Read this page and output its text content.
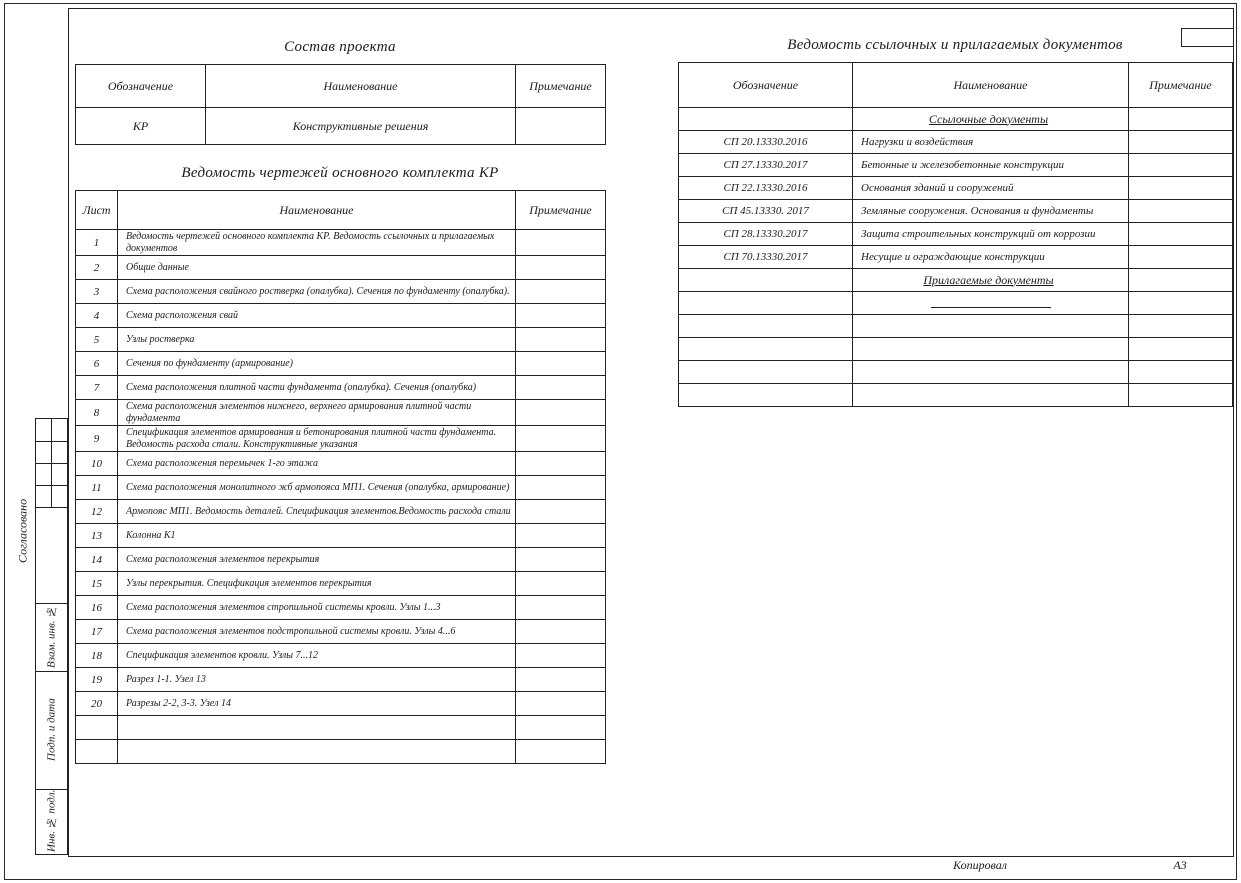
Согласовано
Взам. инв. №
Подп. и дата
Инв. № подл.
Состав проекта
Обозначение	Наименование	Примечание
КР	Конструктивные решения	
Ведомость чертежей основного комплекта КР
Лист	Наименование	Примечание
1	Ведомость чертежей основного комплекта КР. Ведомость ссылочных и прилагаемых документов	
2	Общие данные	
3	Схема расположения свайного ростверка (опалубка). Сечения по фундаменту (опалубка).	
4	Схема расположения свай	
5	Узлы ростверка	
6	Сечения по фундаменту (армирование)	
7	Схема расположения плитной части фундамента (опалубка). Сечения (опалубка)	
8	Схема расположения элементов нижнего, верхнего армирования плитной части фундамента	
9	Спецификация элементов армирования и бетонирования плитной части фундамента. Ведомость расхода стали. Конструктивные указания	
10	Схема расположения перемычек 1-го этажа	
11	Схема расположения монолитного жб армопояса МП1. Сечения (опалубка, армирование)	
12	Армопояс МП1. Ведомость деталей. Спецификация элементов.Ведомость расхода стали	
13	Колонна К1	
14	Схема расположения элементов перекрытия	
15	Узлы перекрытия. Спецификация элементов перекрытия	
16	Схема расположения элементов стропильной системы кровли. Узлы 1...3	
17	Схема расположения элементов подстропильной системы кровли. Узлы 4...6	
18	Спецификация элементов кровли. Узлы 7...12	
19	Разрез 1-1. Узел 13	
20	Разрезы 2-2, 3-3. Узел 14	

Ведомость ссылочных и прилагаемых документов
Обозначение	Наименование	Примечание
	Ссылочные документы	
СП 20.13330.2016	Нагрузки и воздействия	
СП 27.13330.2017	Бетонные и железобетонные конструкции	
СП 22.13330.2016	Основания зданий и сооружений	
СП 45.13330. 2017	Земляные сооружения. Основания и фундаменты	
СП 28.13330.2017	Защита строительных конструкций от коррозии	
СП 70.13330.2017	Несущие и ограждающие конструкции	
	Прилагаемые документы	

Копировал	А3
